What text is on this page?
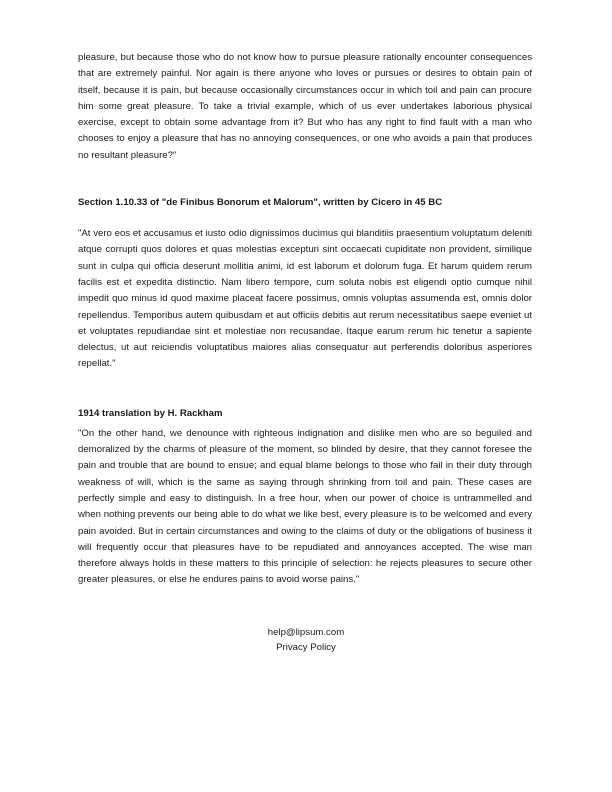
pleasure, but because those who do not know how to pursue pleasure rationally encounter consequences that are extremely painful. Nor again is there anyone who loves or pursues or desires to obtain pain of itself, because it is pain, but because occasionally circumstances occur in which toil and pain can procure him some great pleasure. To take a trivial example, which of us ever undertakes laborious physical exercise, except to obtain some advantage from it? But who has any right to find fault with a man who chooses to enjoy a pleasure that has no annoying consequences, or one who avoids a pain that produces no resultant pleasure?"

Section 1.10.33 of "de Finibus Bonorum et Malorum", written by Cicero in 45 BC

"At vero eos et accusamus et iusto odio dignissimos ducimus qui blanditiis praesentium voluptatum deleniti atque corrupti quos dolores et quas molestias excepturi sint occaecati cupiditate non provident, similique sunt in culpa qui officia deserunt mollitia animi, id est laborum et dolorum fuga. Et harum quidem rerum facilis est et expedita distinctio. Nam libero tempore, cum soluta nobis est eligendi optio cumque nihil impedit quo minus id quod maxime placeat facere possimus, omnis voluptas assumenda est, omnis dolor repellendus. Temporibus autem quibusdam et aut officiis debitis aut rerum necessitatibus saepe eveniet ut et voluptates repudiandae sint et molestiae non recusandae. Itaque earum rerum hic tenetur a sapiente delectus, ut aut reiciendis voluptatibus maiores alias consequatur aut perferendis doloribus asperiores repellat."

1914 translation by H. Rackham

"On the other hand, we denounce with righteous indignation and dislike men who are so beguiled and demoralized by the charms of pleasure of the moment, so blinded by desire, that they cannot foresee the pain and trouble that are bound to ensue; and equal blame belongs to those who fail in their duty through weakness of will, which is the same as saying through shrinking from toil and pain. These cases are perfectly simple and easy to distinguish. In a free hour, when our power of choice is untrammelled and when nothing prevents our being able to do what we like best, every pleasure is to be welcomed and every pain avoided. But in certain circumstances and owing to the claims of duty or the obligations of business it will frequently occur that pleasures have to be repudiated and annoyances accepted. The wise man therefore always holds in these matters to this principle of selection: he rejects pleasures to secure other greater pleasures, or else he endures pains to avoid worse pains."

help@lipsum.com
Privacy Policy
